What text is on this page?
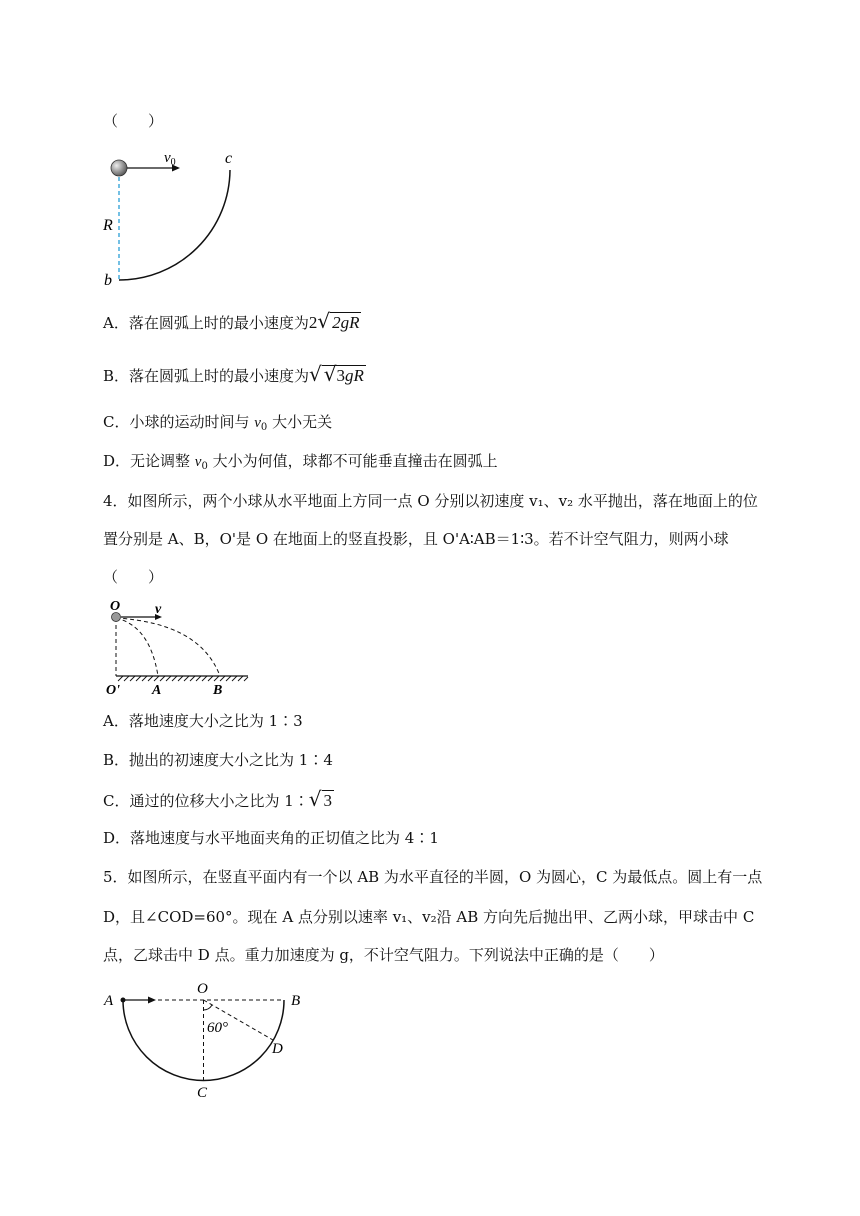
（　　）
$v_0$	c
R
b
A．落在圆弧上时的最小速度为2√ 2gR
B．落在圆弧上时的最小速度为√ √3gR
C．小球的运动时间与 $v_0$ 大小无关
D．无论调整 $v_0$ 大小为何值，球都不可能垂直撞击在圆弧上
4．如图所示，两个小球从水平地面上方同一点 O 分别以初速度 v₁、v₂ 水平抛出，落在地面上的位
置分别是 A、B，O'是 O 在地面上的竖直投影，且 O'A∶AB＝1∶3。若不计空气阻力，则两小球
（　　）
O v
O' A	B
A．落地速度大小之比为 1∶3
B．抛出的初速度大小之比为 1∶4
C．通过的位移大小之比为 1∶√ 3
D．落地速度与水平地面夹角的正切值之比为 4∶1
5．如图所示，在竖直平面内有一个以 AB 为水平直径的半圆，O 为圆心，C 为最低点。圆上有一点
D，且∠COD=60°。现在 A 点分别以速率 v₁、v₂沿 AB 方向先后抛出甲、乙两小球，甲球击中 C
点，乙球击中 D 点。重力加速度为 g，不计空气阻力。下列说法中正确的是（　　）
A
O
B
60°
D
C
